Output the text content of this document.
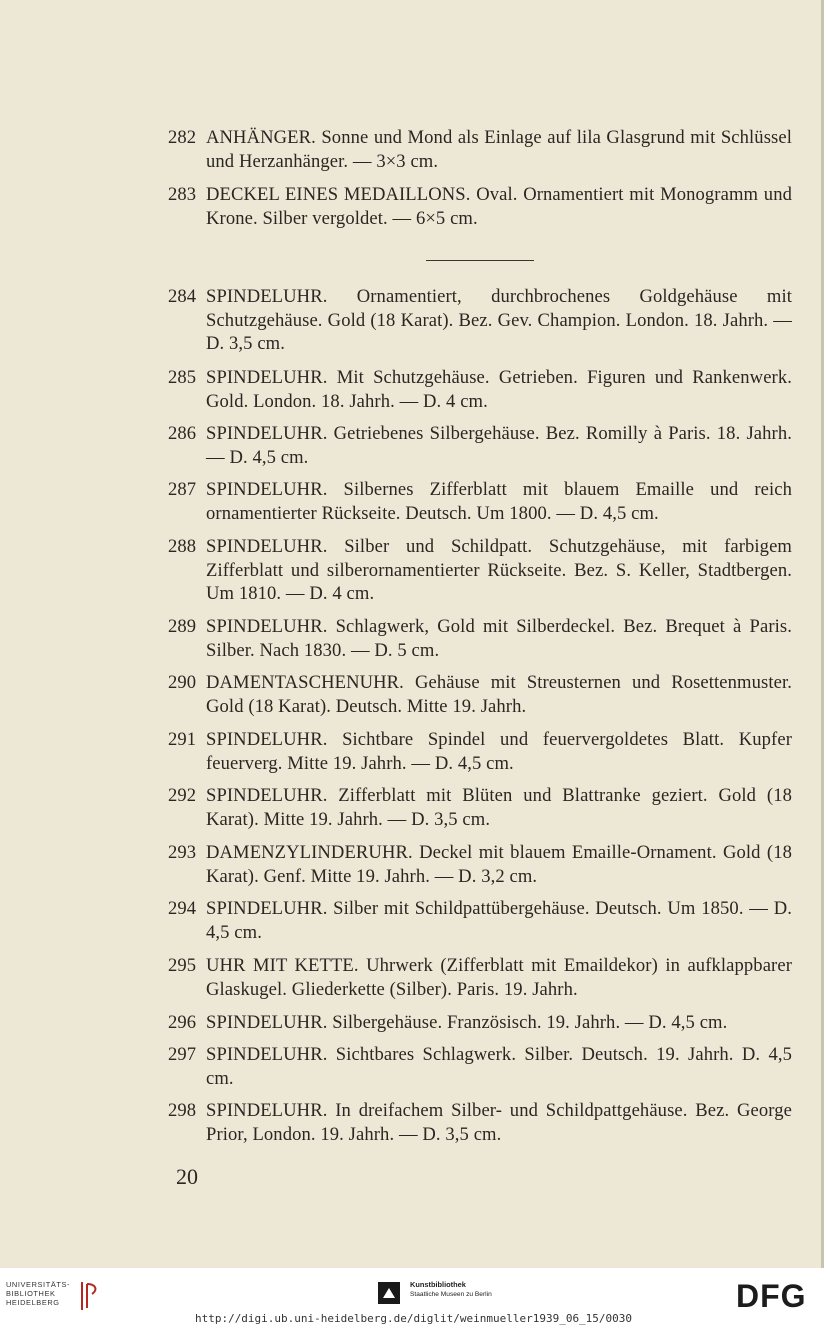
282 ANHÄNGER. Sonne und Mond als Einlage auf lila Glasgrund mit Schlüssel und Herzanhänger. — 3×3 cm.
283 DECKEL EINES MEDAILLONS. Oval. Ornamentiert mit Monogramm und Krone. Silber vergoldet. — 6×5 cm.
284 SPINDELUHR. Ornamentiert, durchbrochenes Goldgehäuse mit Schutzgehäuse. Gold (18 Karat). Bez. Gev. Champion. London. 18. Jahrh. — D. 3,5 cm.
285 SPINDELUHR. Mit Schutzgehäuse. Getrieben. Figuren und Rankenwerk. Gold. London. 18. Jahrh. — D. 4 cm.
286 SPINDELUHR. Getriebenes Silbergehäuse. Bez. Romilly à Paris. 18. Jahrh. — D. 4,5 cm.
287 SPINDELUHR. Silbernes Zifferblatt mit blauem Emaille und reich ornamentierter Rückseite. Deutsch. Um 1800. — D. 4,5 cm.
288 SPINDELUHR. Silber und Schildpatt. Schutzgehäuse, mit farbigem Zifferblatt und silberornamentierter Rückseite. Bez. S. Keller, Stadtbergen. Um 1810. — D. 4 cm.
289 SPINDELUHR. Schlagwerk, Gold mit Silberdeckel. Bez. Brequet à Paris. Silber. Nach 1830. — D. 5 cm.
290 DAMENTASCHENUHR. Gehäuse mit Streusternen und Rosettenmuster. Gold (18 Karat). Deutsch. Mitte 19. Jahrh.
291 SPINDELUHR. Sichtbare Spindel und feuervergoldetes Blatt. Kupfer feuerverg. Mitte 19. Jahrh. — D. 4,5 cm.
292 SPINDELUHR. Zifferblatt mit Blüten und Blattranke geziert. Gold (18 Karat). Mitte 19. Jahrh. — D. 3,5 cm.
293 DAMENZYLINDERUHR. Deckel mit blauem Emaille-Ornament. Gold (18 Karat). Genf. Mitte 19. Jahrh. — D. 3,2 cm.
294 SPINDELUHR. Silber mit Schildpattübergehäuse. Deutsch. Um 1850. — D. 4,5 cm.
295 UHR MIT KETTE. Uhrwerk (Zifferblatt mit Emaildekor) in aufklappbarer Glaskugel. Gliederkette (Silber). Paris. 19. Jahrh.
296 SPINDELUHR. Silbergehäuse. Französisch. 19. Jahrh. — D. 4,5 cm.
297 SPINDELUHR. Sichtbares Schlagwerk. Silber. Deutsch. 19. Jahrh. D. 4,5 cm.
298 SPINDELUHR. In dreifachem Silber- und Schildpattgehäuse. Bez. George Prior, London. 19. Jahrh. — D. 3,5 cm.
20
UNIVERSITÄTS- BIBLIOTHEK HEIDELBERG
Kunstbibliothek
Staatliche Museen zu Berlin	DFG
http://digi.ub.uni-heidelberg.de/diglit/weinmueller1939_06_15/0030
